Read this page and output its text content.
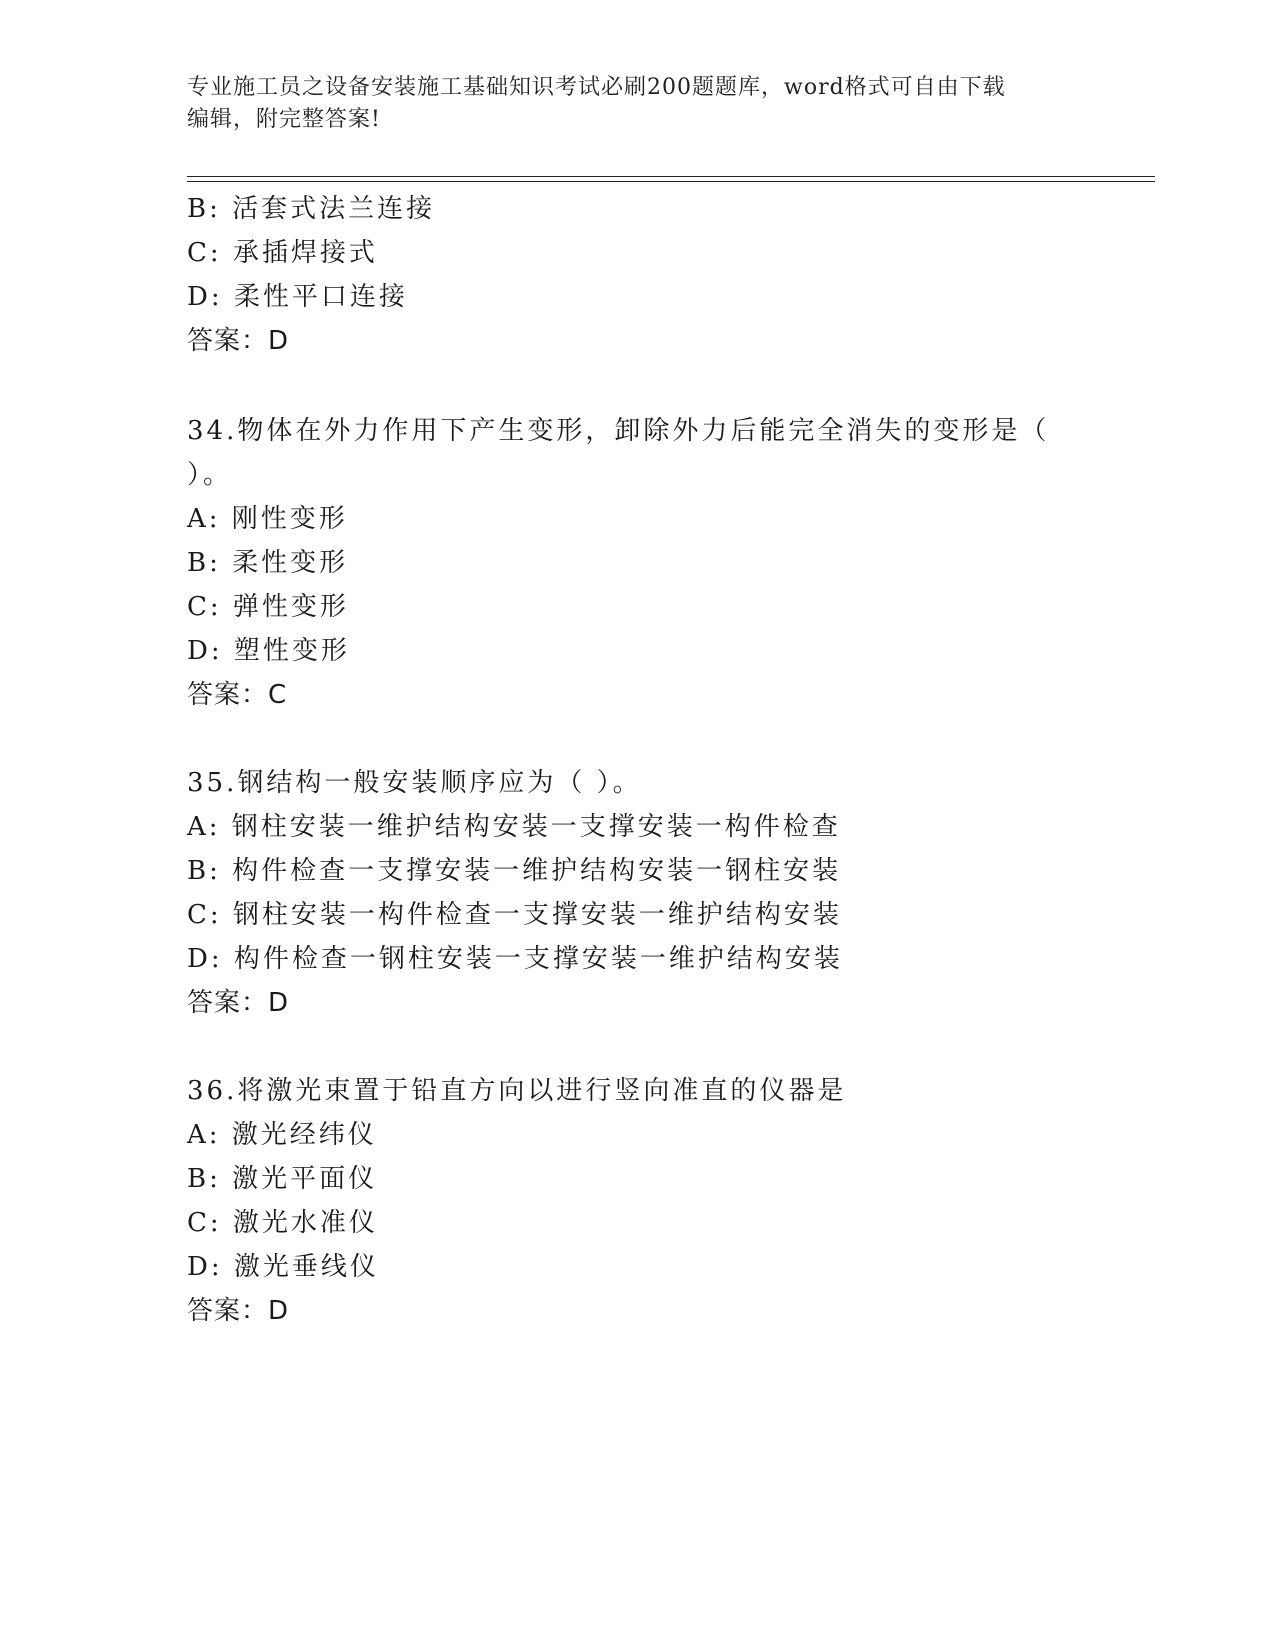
专业施工员之设备安装施工基础知识考试必刷200题题库，word格式可自由下载
编辑，附完整答案!
B: 活套式法兰连接
C: 承插焊接式
D: 柔性平口连接
答案：D
34.物体在外力作用下产生变形，卸除外力后能完全消失的变形是（
）。
A: 刚性变形
B: 柔性变形
C: 弹性变形
D: 塑性变形
答案：C
35.钢结构一般安装顺序应为（ ）。
A: 钢柱安装一维护结构安装一支撑安装一构件检查
B: 构件检查一支撑安装一维护结构安装一钢柱安装
C: 钢柱安装一构件检查一支撑安装一维护结构安装
D: 构件检查一钢柱安装一支撑安装一维护结构安装
答案：D
36.将激光束置于铅直方向以进行竖向准直的仪器是
A: 激光经纬仪
B: 激光平面仪
C: 激光水准仪
D: 激光垂线仪
答案：D
